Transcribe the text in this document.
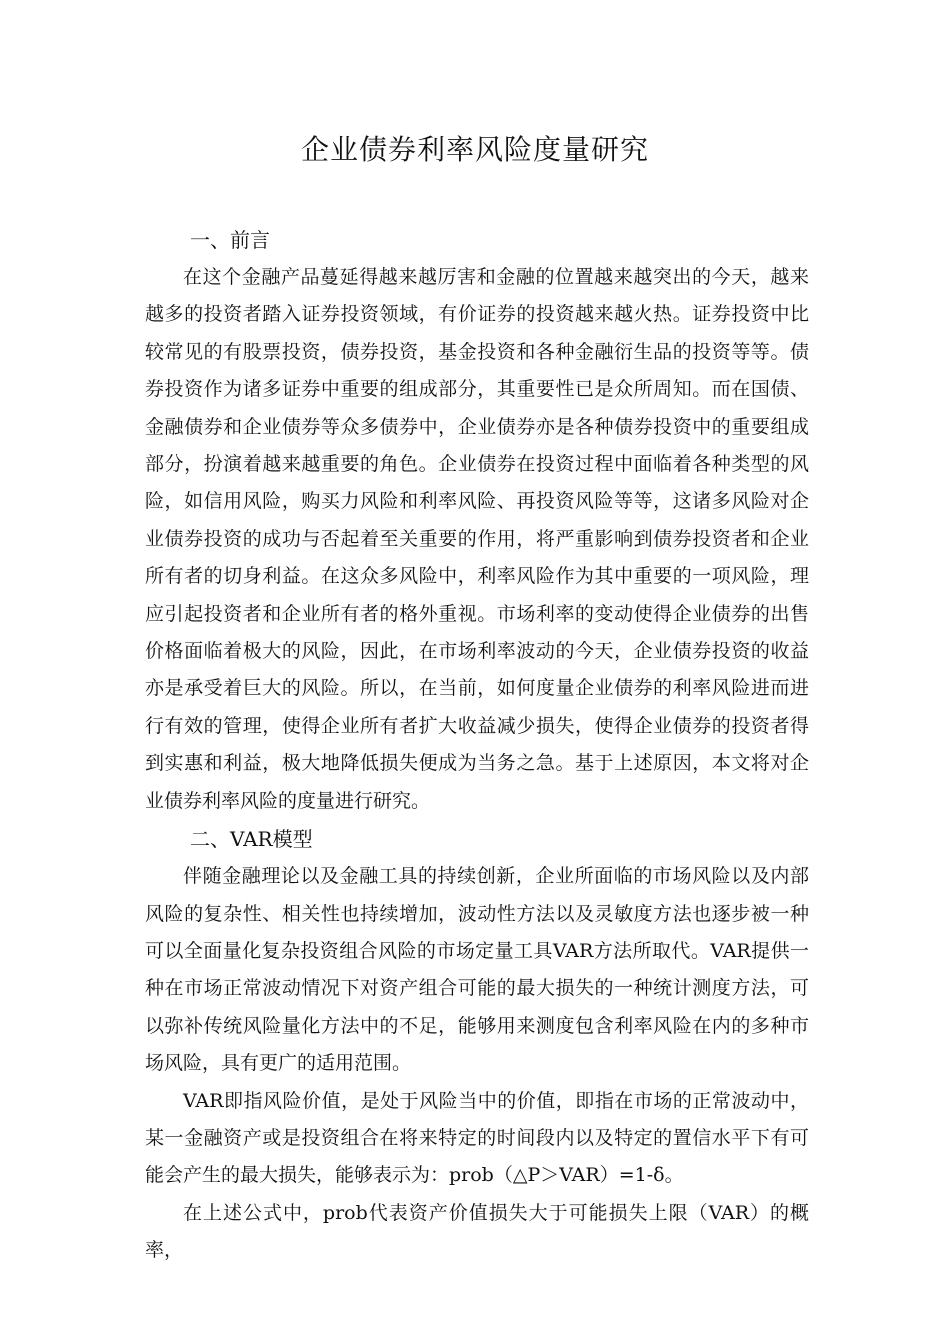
企业债券利率风险度量研究
一、前言

在这个金融产品蔓延得越来越厉害和金融的位置越来越突出的今天，越来越多的投资者踏入证券投资领域，有价证券的投资越来越火热。证券投资中比较常见的有股票投资，债券投资，基金投资和各种金融衍生品的投资等等。债券投资作为诸多证券中重要的组成部分，其重要性已是众所周知。而在国债、金融债券和企业债券等众多债券中，企业债券亦是各种债券投资中的重要组成部分，扮演着越来越重要的角色。企业债券在投资过程中面临着各种类型的风险，如信用风险，购买力风险和利率风险、再投资风险等等，这诸多风险对企业债券投资的成功与否起着至关重要的作用，将严重影响到债券投资者和企业所有者的切身利益。在这众多风险中，利率风险作为其中重要的一项风险，理应引起投资者和企业所有者的格外重视。市场利率的变动使得企业债券的出售价格面临着极大的风险，因此，在市场利率波动的今天，企业债券投资的收益亦是承受着巨大的风险。所以，在当前，如何度量企业债券的利率风险进而进行有效的管理，使得企业所有者扩大收益减少损失，使得企业债券的投资者得到实惠和利益，极大地降低损失便成为当务之急。基于上述原因，本文将对企业债券利率风险的度量进行研究。

二、VAR模型

伴随金融理论以及金融工具的持续创新，企业所面临的市场风险以及内部风险的复杂性、相关性也持续增加，波动性方法以及灵敏度方法也逐步被一种可以全面量化复杂投资组合风险的市场定量工具VAR方法所取代。VAR提供一种在市场正常波动情况下对资产组合可能的最大损失的一种统计测度方法，可以弥补传统风险量化方法中的不足，能够用来测度包含利率风险在内的多种市场风险，具有更广的适用范围。

VAR即指风险价值，是处于风险当中的价值，即指在市场的正常波动中，某一金融资产或是投资组合在将来特定的时间段内以及特定的置信水平下有可能会产生的最大损失，能够表示为：prob（△P＞VAR）=1-δ。

在上述公式中，prob代表资产价值损失大于可能损失上限（VAR）的概率，
